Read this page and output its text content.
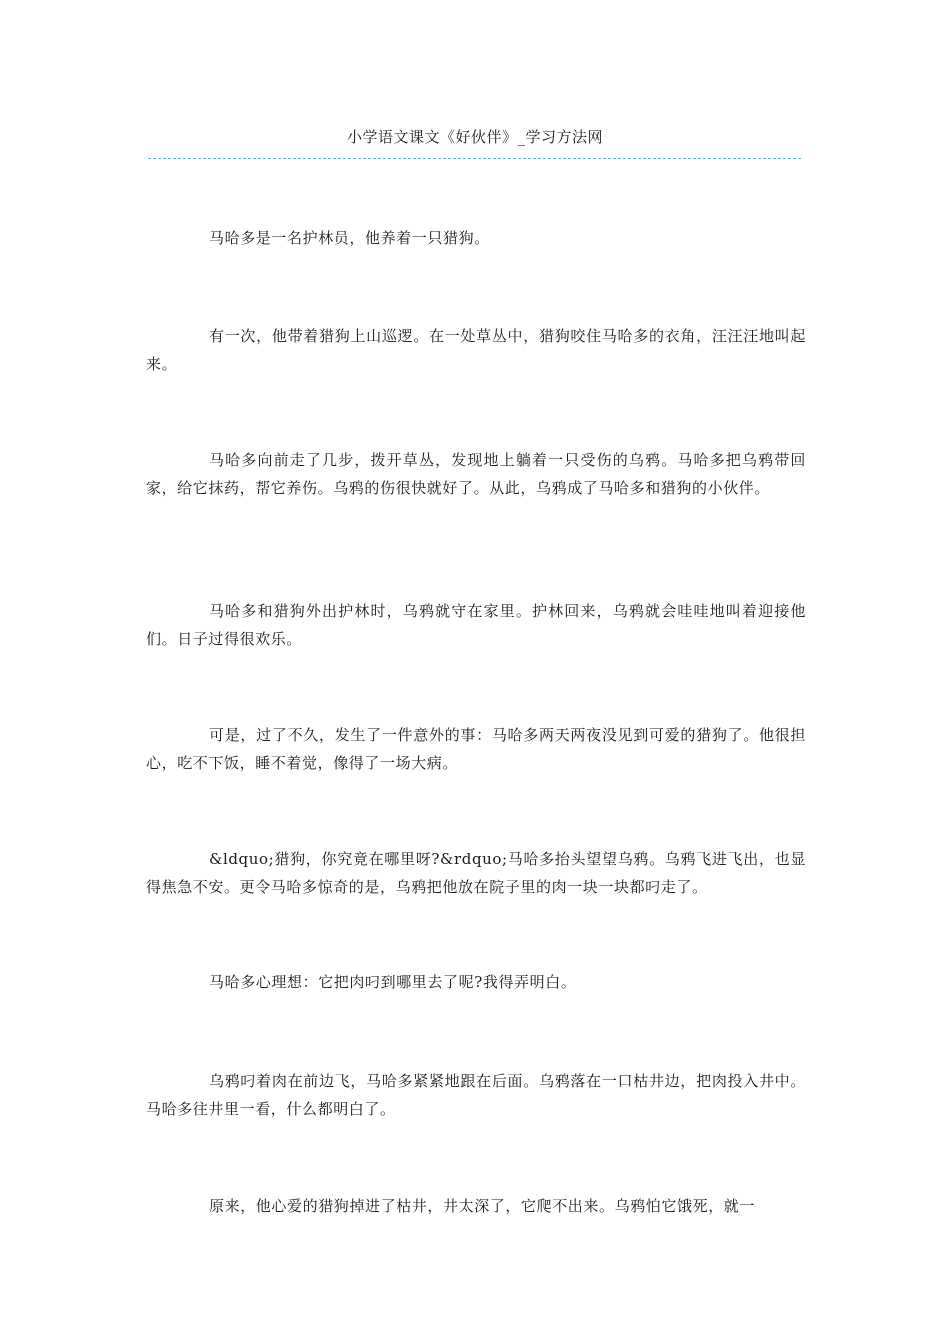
小学语文课文《好伙伴》_学习方法网

马哈多是一名护林员，他养着一只猎狗。

有一次，他带着猎狗上山巡逻。在一处草丛中，猎狗咬住马哈多的衣角，汪汪汪地叫起来。

马哈多向前走了几步，拨开草丛，发现地上躺着一只受伤的乌鸦。马哈多把乌鸦带回家，给它抹药，帮它养伤。乌鸦的伤很快就好了。从此，乌鸦成了马哈多和猎狗的小伙伴。

马哈多和猎狗外出护林时，乌鸦就守在家里。护林回来，乌鸦就会哇哇地叫着迎接他们。日子过得很欢乐。

可是，过了不久，发生了一件意外的事：马哈多两天两夜没见到可爱的猎狗了。他很担心，吃不下饭，睡不着觉，像得了一场大病。

&ldquo;猎狗，你究竟在哪里呀?&rdquo;马哈多抬头望望乌鸦。乌鸦飞进飞出，也显得焦急不安。更令马哈多惊奇的是，乌鸦把他放在院子里的肉一块一块都叼走了。

马哈多心理想：它把肉叼到哪里去了呢?我得弄明白。

乌鸦叼着肉在前边飞，马哈多紧紧地跟在后面。乌鸦落在一口枯井边，把肉投入井中。马哈多往井里一看，什么都明白了。

原来，他心爱的猎狗掉进了枯井，井太深了，它爬不出来。乌鸦怕它饿死，就一
